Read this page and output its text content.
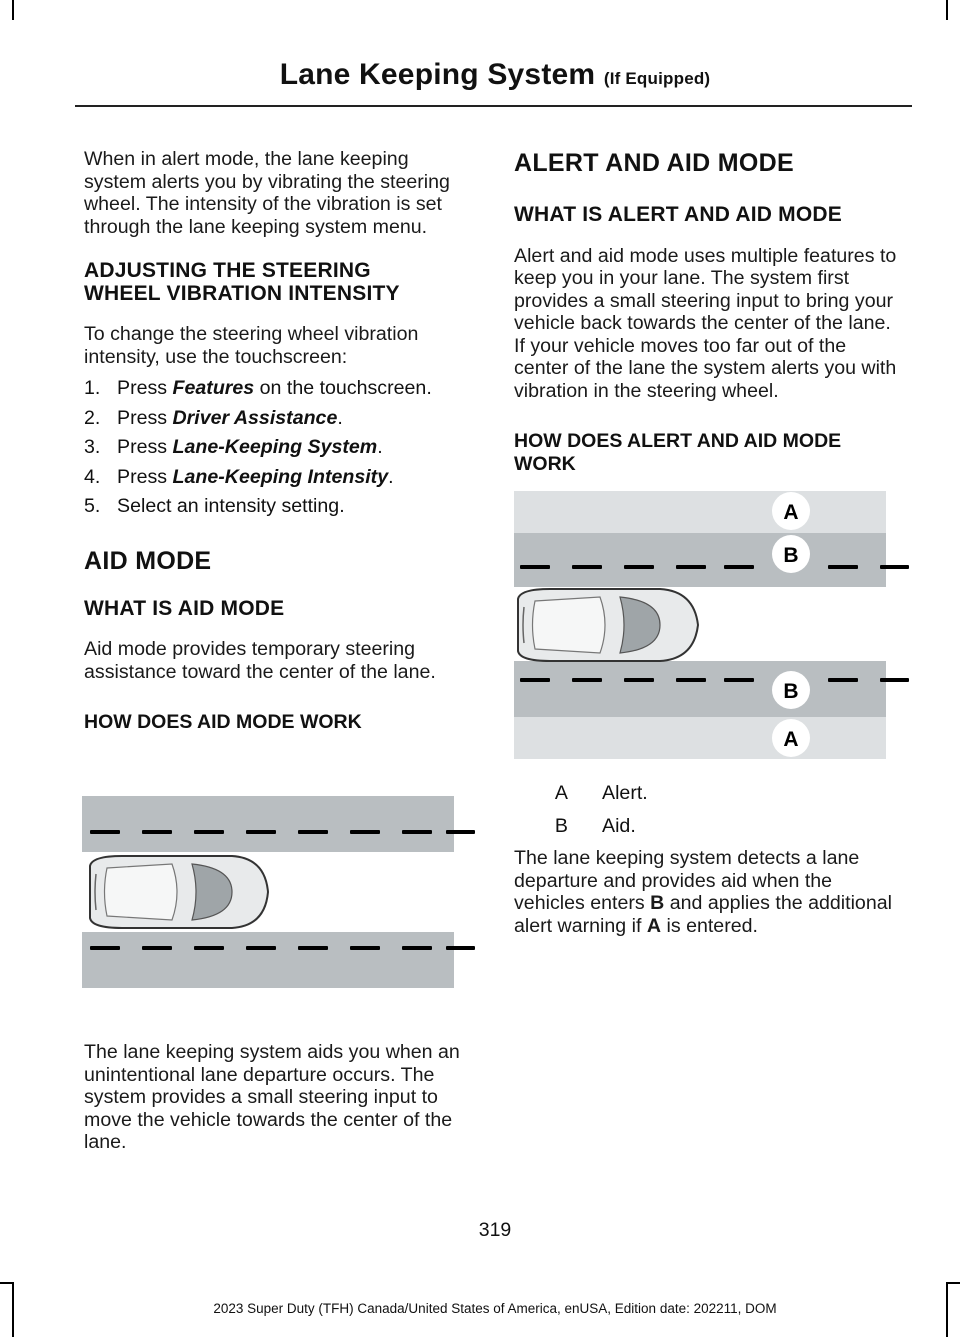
Lane Keeping System (If Equipped)

When in alert mode, the lane keeping system alerts you by vibrating the steering wheel. The intensity of the vibration is set through the lane keeping system menu.

ADJUSTING THE STEERING
WHEEL VIBRATION INTENSITY

To change the steering wheel vibration intensity, use the touchscreen:

1. Press Features on the touchscreen.
2. Press Driver Assistance.
3. Press Lane-Keeping System.
4. Press Lane-Keeping Intensity.
5. Select an intensity setting.
AID MODE
WHAT IS AID MODE

Aid mode provides temporary steering assistance toward the center of the lane.

HOW DOES AID MODE WORK

The lane keeping system aids you when an unintentional lane departure occurs. The system provides a small steering input to move the vehicle towards the center of the lane.

ALERT AND AID MODE
WHAT IS ALERT AND AID MODE

Alert and aid mode uses multiple features to keep you in your lane. The system first provides a small steering input to bring your vehicle back towards the center of the lane. If your vehicle moves too far out of the center of the lane the system alerts you with vibration in the steering wheel.

HOW DOES ALERT AND AID MODE
WORK
A
B
B
A
A	Alert.
B	Aid.

The lane keeping system detects a lane departure and provides aid when the vehicles enters B and applies the additional alert warning if A is entered.

319
2023 Super Duty (TFH) Canada/United States of America, enUSA, Edition date: 202211, DOM
